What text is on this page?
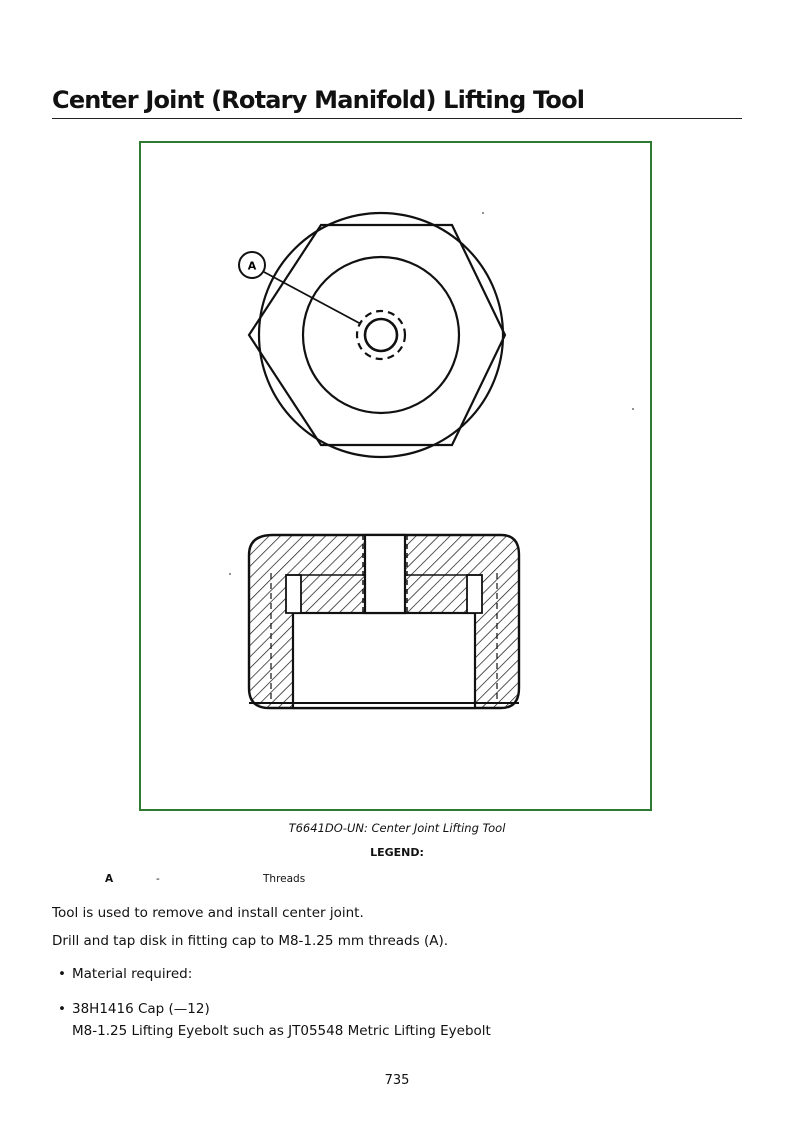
Center Joint (Rotary Manifold) Lifting Tool
A
T6641DO-UN: Center Joint Lifting Tool
LEGEND:
A	-	Threads
Tool is used to remove and install center joint.
Drill and tap disk in fitting cap to M8-1.25 mm threads (A).
• Material required:
• 38H1416 Cap (—12)
M8-1.25 Lifting Eyebolt such as JT05548 Metric Lifting Eyebolt
735
